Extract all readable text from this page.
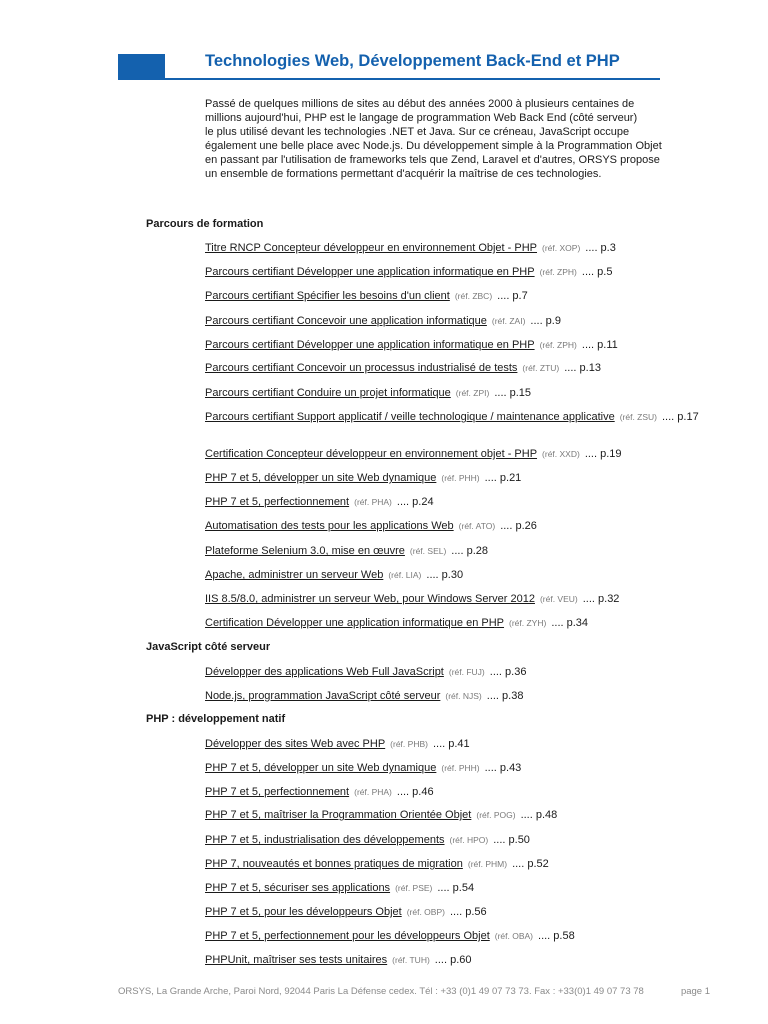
Technologies Web, Développement Back-End et PHP
Passé de quelques millions de sites au début des années 2000 à plusieurs centaines de
millions aujourd'hui, PHP est le langage de programmation Web Back End (côté serveur)
le plus utilisé devant les technologies .NET et Java. Sur ce créneau, JavaScript occupe
également une belle place avec Node.js. Du développement simple à la Programmation Objet
en passant par l'utilisation de frameworks tels que Zend, Laravel et d'autres, ORSYS propose
un ensemble de formations permettant d'acquérir la maîtrise de ces technologies.
Parcours de formation
Titre RNCP Concepteur développeur en environnement Objet - PHP (réf. XOP) .... p.3
Parcours certifiant Développer une application informatique en PHP (réf. ZPH) .... p.5
Parcours certifiant Spécifier les besoins d'un client (réf. ZBC) .... p.7
Parcours certifiant Concevoir une application informatique (réf. ZAI) .... p.9
Parcours certifiant Développer une application informatique en PHP (réf. ZPH) .... p.11
Parcours certifiant Concevoir un processus industrialisé de tests (réf. ZTU) .... p.13
Parcours certifiant Conduire un projet informatique (réf. ZPI) .... p.15
Parcours certifiant Support applicatif / veille technologique / maintenance applicative (réf. ZSU) .... p.17
Certification Concepteur développeur en environnement objet - PHP (réf. XXD) .... p.19
PHP 7 et 5, développer un site Web dynamique (réf. PHH) .... p.21
PHP 7 et 5, perfectionnement (réf. PHA) .... p.24
Automatisation des tests pour les applications Web (réf. ATO) .... p.26
Plateforme Selenium 3.0, mise en œuvre (réf. SEL) .... p.28
Apache, administrer un serveur Web (réf. LIA) .... p.30
IIS 8.5/8.0, administrer un serveur Web, pour Windows Server 2012 (réf. VEU) .... p.32
Certification Développer une application informatique en PHP (réf. ZYH) .... p.34
JavaScript côté serveur
Développer des applications Web Full JavaScript (réf. FUJ) .... p.36
Node.js, programmation JavaScript côté serveur (réf. NJS) .... p.38
PHP : développement natif
Développer des sites Web avec PHP (réf. PHB) .... p.41
PHP 7 et 5, développer un site Web dynamique (réf. PHH) .... p.43
PHP 7 et 5, perfectionnement (réf. PHA) .... p.46
PHP 7 et 5, maîtriser la Programmation Orientée Objet (réf. POG) .... p.48
PHP 7 et 5, industrialisation des développements (réf. HPO) .... p.50
PHP 7, nouveautés et bonnes pratiques de migration (réf. PHM) .... p.52
PHP 7 et 5, sécuriser ses applications (réf. PSE) .... p.54
PHP 7 et 5, pour les développeurs Objet (réf. OBP) .... p.56
PHP 7 et 5, perfectionnement pour les développeurs Objet (réf. OBA) .... p.58
PHPUnit, maîtriser ses tests unitaires (réf. TUH) .... p.60

ORSYS, La Grande Arche, Paroi Nord, 92044 Paris La Défense cedex. Tél : +33 (0)1 49 07 73 73. Fax : +33(0)1 49 07 73 78	page 1
